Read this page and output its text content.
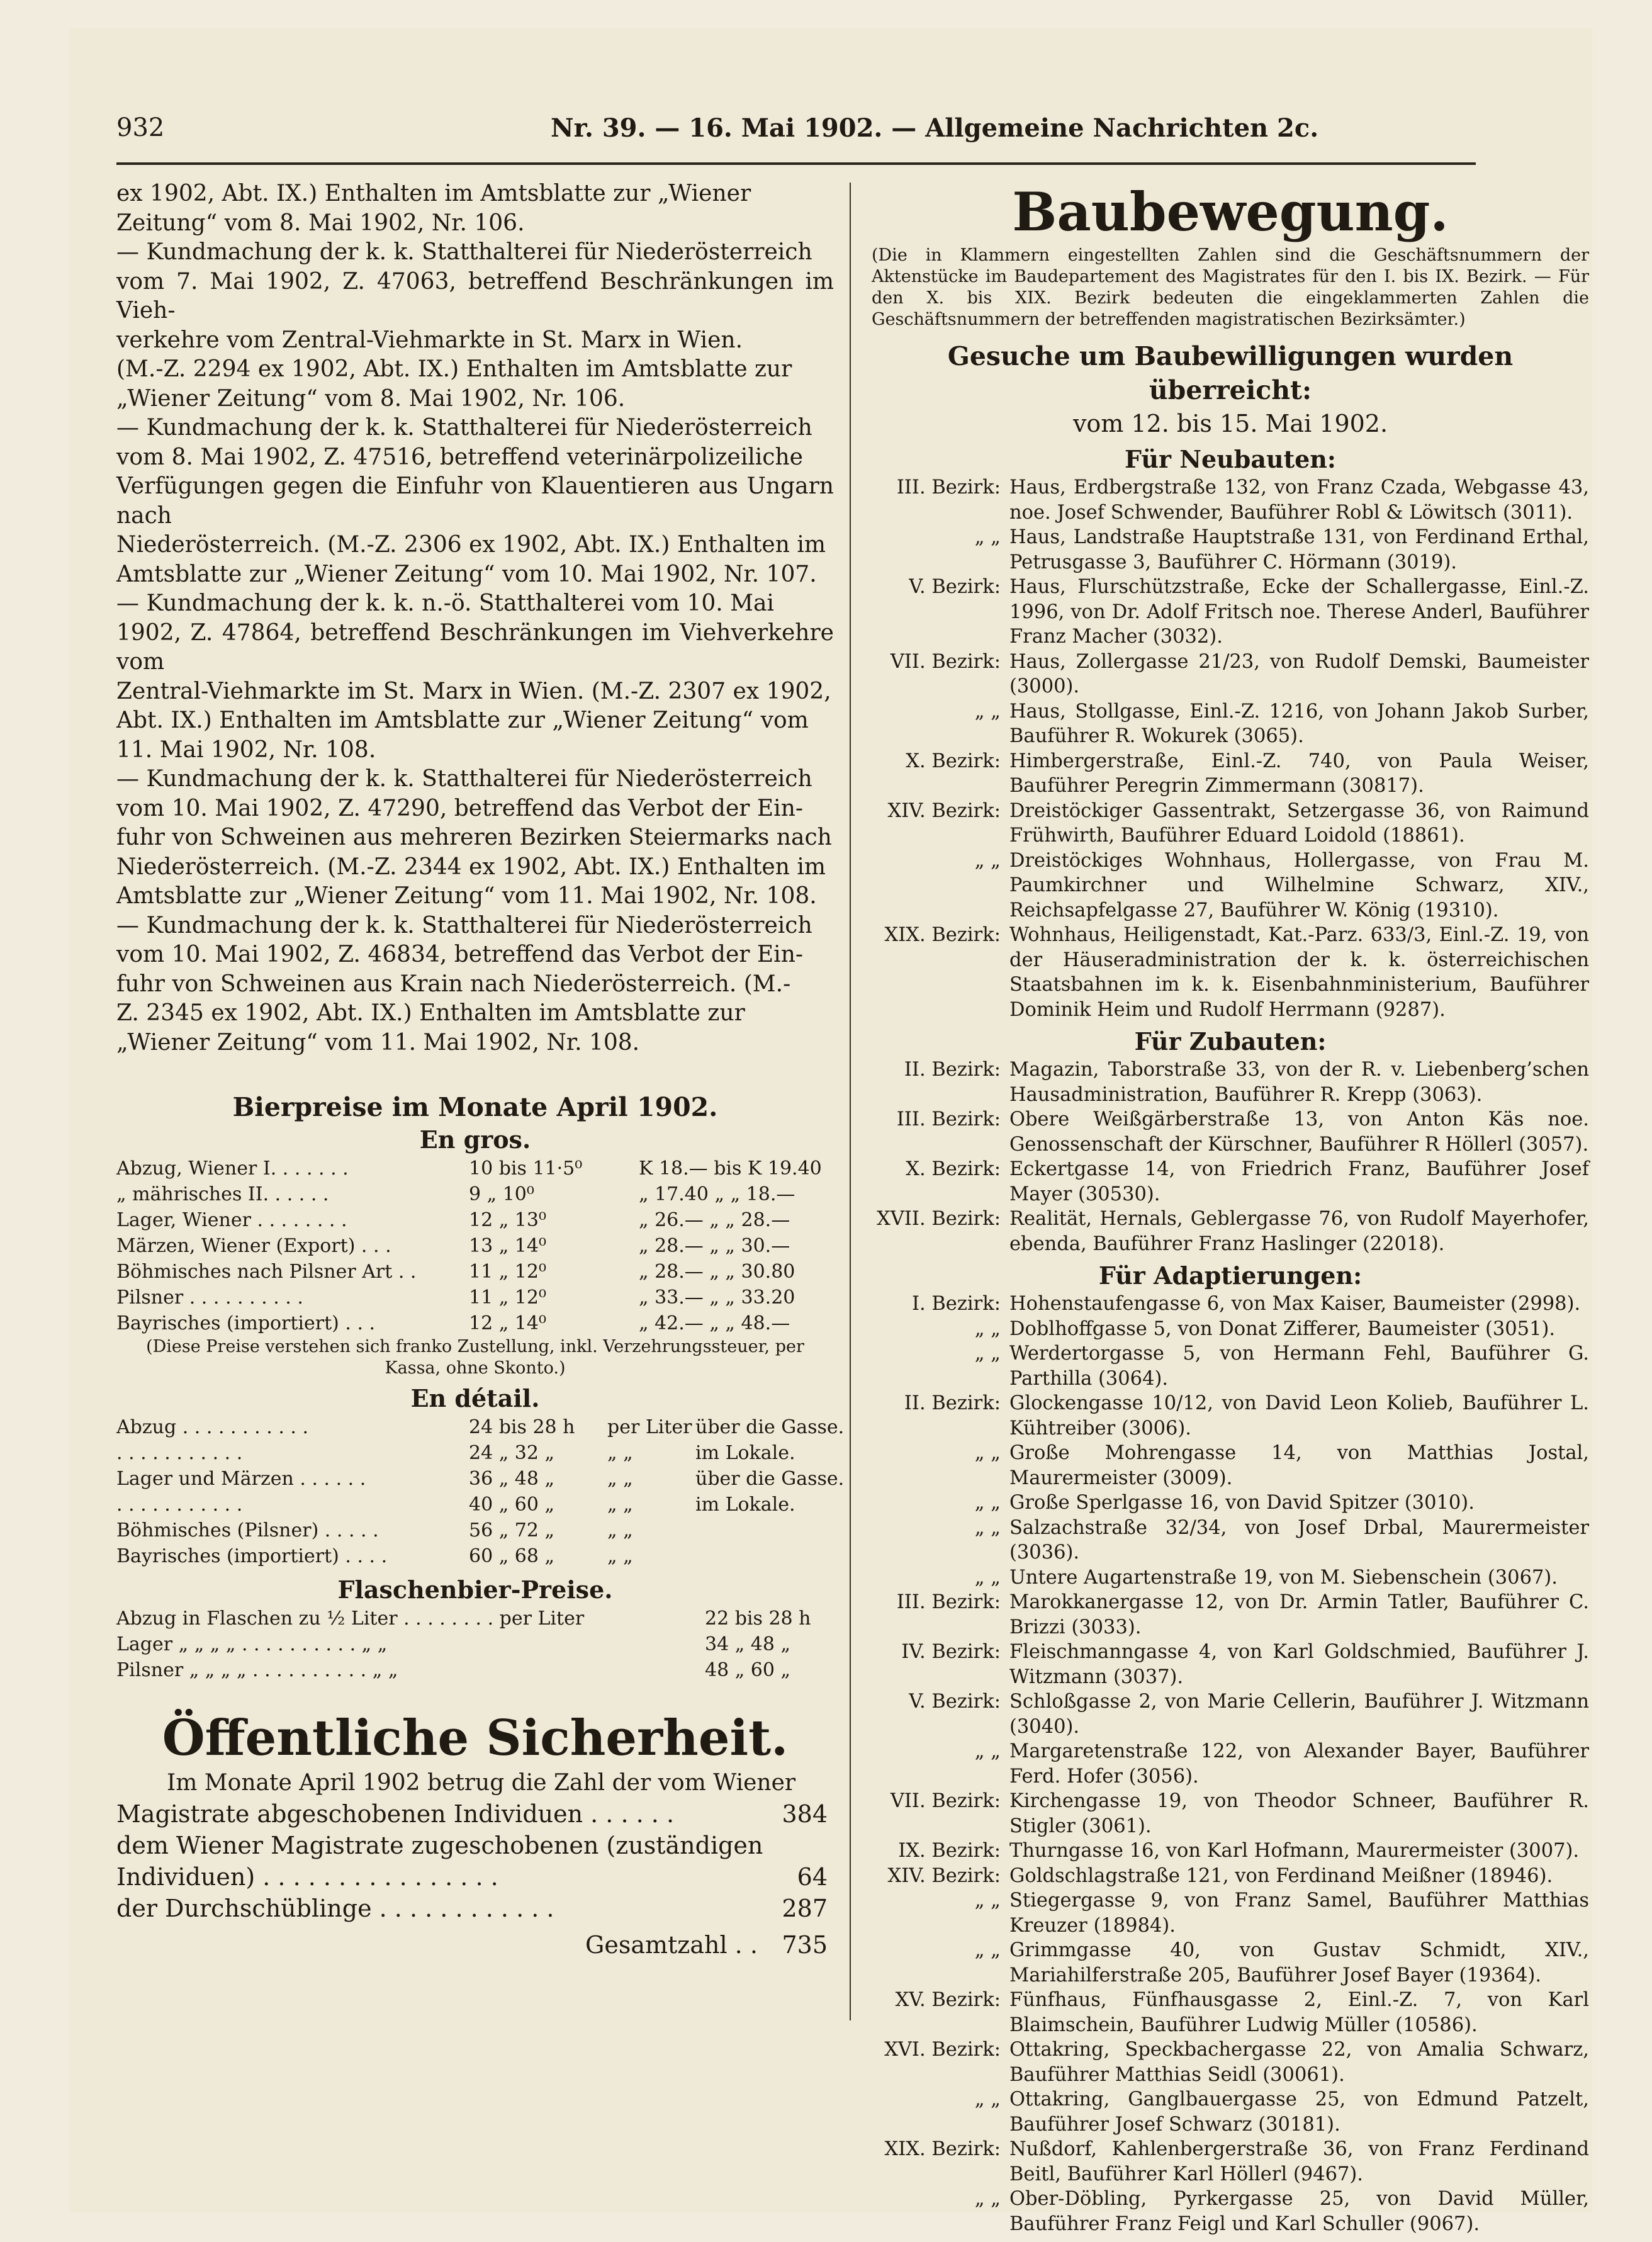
932	Nr. 39. — 16. Mai 1902. — Allgemeine Nachrichten 2c.

ex 1902, Abt. IX.) Enthalten im Amtsblatte zur „Wiener
Zeitung“ vom 8. Mai 1902, Nr. 106.
— Kundmachung der k. k. Statthalterei für Niederösterreich
vom 7. Mai 1902, Z. 47063, betreffend Beschränkungen im Vieh-
verkehre vom Zentral-Viehmarkte in St. Marx in Wien.
(M.-Z. 2294 ex 1902, Abt. IX.) Enthalten im Amtsblatte zur
„Wiener Zeitung“ vom 8. Mai 1902, Nr. 106.
— Kundmachung der k. k. Statthalterei für Niederösterreich
vom 8. Mai 1902, Z. 47516, betreffend veterinärpolizeiliche
Verfügungen gegen die Einfuhr von Klauentieren aus Ungarn nach
Niederösterreich. (M.-Z. 2306 ex 1902, Abt. IX.) Enthalten im
Amtsblatte zur „Wiener Zeitung“ vom 10. Mai 1902, Nr. 107.
— Kundmachung der k. k. n.-ö. Statthalterei vom 10. Mai
1902, Z. 47864, betreffend Beschränkungen im Viehverkehre vom
Zentral-Viehmarkte im St. Marx in Wien. (M.-Z. 2307 ex 1902,
Abt. IX.) Enthalten im Amtsblatte zur „Wiener Zeitung“ vom
11. Mai 1902, Nr. 108.
— Kundmachung der k. k. Statthalterei für Niederösterreich
vom 10. Mai 1902, Z. 47290, betreffend das Verbot der Ein-
fuhr von Schweinen aus mehreren Bezirken Steiermarks nach
Niederösterreich. (M.-Z. 2344 ex 1902, Abt. IX.) Enthalten im
Amtsblatte zur „Wiener Zeitung“ vom 11. Mai 1902, Nr. 108.
— Kundmachung der k. k. Statthalterei für Niederösterreich
vom 10. Mai 1902, Z. 46834, betreffend das Verbot der Ein-
fuhr von Schweinen aus Krain nach Niederösterreich. (M.-
Z. 2345 ex 1902, Abt. IX.) Enthalten im Amtsblatte zur
„Wiener Zeitung“ vom 11. Mai 1902, Nr. 108.

Bierpreise im Monate April 1902.

En gros.

Abzug, Wiener I. . . . . . .	10 bis 11·5⁰	K 18.— bis K 19.40
„ mährisches II. . . . . .	9 „ 10⁰	„ 17.40 „ „ 18.—
Lager, Wiener . . . . . . . .	12 „ 13⁰	„ 26.— „ „ 28.—
Märzen, Wiener (Export) . . .	13 „ 14⁰	„ 28.— „ „ 30.—
Böhmisches nach Pilsner Art . .	11 „ 12⁰	„ 28.— „ „ 30.80
Pilsner . . . . . . . . . .	11 „ 12⁰	„ 33.— „ „ 33.20
Bayrisches (importiert) . . .	12 „ 14⁰	„ 42.— „ „ 48.—

(Diese Preise verstehen sich franko Zustellung, inkl. Verzehrungssteuer, per Kassa, ohne Skonto.)

En détail.

Abzug . . . . . . . . . . .	24 bis 28 h per Liter über die Gasse.
. . . . . . . . . . .	24 „ 32 „	„ „	im Lokale.
Lager und Märzen . . . . . .	36 „ 48 „	„ „	über die Gasse.
. . . . . . . . . . .	40 „ 60 „	„ „	im Lokale.
Böhmisches (Pilsner) . . . . .	56 „ 72 „	„ „
Bayrisches (importiert) . . . .	60 „ 68 „	„ „

Flaschenbier-Preise.

Abzug in Flaschen zu ½ Liter . . . . . . . . per Liter	22 bis 28 h
Lager „ „ „ „ . . . . . . . . . . „ „	34 „ 48 „
Pilsner „ „ „ „ . . . . . . . . . . „ „	48 „ 60 „

Öffentliche Sicherheit.

Im Monate April 1902 betrug die Zahl der vom Wiener

Magistrate abgeschobenen Individuen . . . . . .	384
dem Wiener Magistrate zugeschobenen (zuständigen
Individuen) . . . . . . . . . . . . . . . .	64
der Durchschüblinge . . . . . . . . . . . .	287
Gesamtzahl . . 735

Baubewegung.

(Die in Klammern eingestellten Zahlen sind die Geschäftsnummern der Aktenstücke im Baudepartement des Magistrates für den I. bis IX. Bezirk. — Für den X. bis XIX. Bezirk bedeuten die eingeklammerten Zahlen die Geschäftsnummern der betreffenden magistratischen Bezirksämter.)

Gesuche um Baubewilligungen wurden überreicht:

vom 12. bis 15. Mai 1902.

Für Neubauten:

III. Bezirk: Haus, Erdbergstraße 132, von Franz Czada, Webgasse 43, noe. Josef Schwender, Bauführer Robl & Löwitsch (3011).
„ „ Haus, Landstraße Hauptstraße 131, von Ferdinand Erthal, Petrusgasse 3, Bauführer C. Hörmann (3019).
V. Bezirk: Haus, Flurschützstraße, Ecke der Schallergasse, Einl.-Z. 1996, von Dr. Adolf Fritsch noe. Therese Anderl, Bauführer Franz Macher (3032).
VII. Bezirk: Haus, Zollergasse 21/23, von Rudolf Demski, Baumeister (3000).
„ „ Haus, Stollgasse, Einl.-Z. 1216, von Johann Jakob Surber, Bauführer R. Wokurek (3065).
X. Bezirk: Himbergerstraße, Einl.-Z. 740, von Paula Weiser, Bauführer Peregrin Zimmermann (30817).
XIV. Bezirk: Dreistöckiger Gassentrakt, Setzergasse 36, von Raimund Frühwirth, Bauführer Eduard Loidold (18861).
„ „ Dreistöckiges Wohnhaus, Hollergasse, von Frau M. Paumkirchner und Wilhelmine Schwarz, XIV., Reichsapfelgasse 27, Bauführer W. König (19310).
XIX. Bezirk: Wohnhaus, Heiligenstadt, Kat.-Parz. 633/3, Einl.-Z. 19, von der Häuseradministration der k. k. österreichischen Staatsbahnen im k. k. Eisenbahnministerium, Bauführer Dominik Heim und Rudolf Herrmann (9287).

Für Zubauten:

II. Bezirk: Magazin, Taborstraße 33, von der R. v. Liebenberg’schen Hausadministration, Bauführer R. Krepp (3063).
III. Bezirk: Obere Weißgärberstraße 13, von Anton Käs noe. Genossenschaft der Kürschner, Bauführer R Höllerl (3057).
X. Bezirk: Eckertgasse 14, von Friedrich Franz, Bauführer Josef Mayer (30530).
XVII. Bezirk: Realität, Hernals, Geblergasse 76, von Rudolf Mayerhofer, ebenda, Bauführer Franz Haslinger (22018).

Für Adaptierungen:

I. Bezirk: Hohenstaufengasse 6, von Max Kaiser, Baumeister (2998).
„ „ Doblhoffgasse 5, von Donat Zifferer, Baumeister (3051).
„ „ Werdertorgasse 5, von Hermann Fehl, Bauführer G. Parthilla (3064).
II. Bezirk: Glockengasse 10/12, von David Leon Kolieb, Bauführer L. Kühtreiber (3006).
„ „ Große Mohrengasse 14, von Matthias Jostal, Maurermeister (3009).
„ „ Große Sperlgasse 16, von David Spitzer (3010).
„ „ Salzachstraße 32/34, von Josef Drbal, Maurermeister (3036).
„ „ Untere Augartenstraße 19, von M. Siebenschein (3067).
III. Bezirk: Marokkanergasse 12, von Dr. Armin Tatler, Bauführer C. Brizzi (3033).
IV. Bezirk: Fleischmanngasse 4, von Karl Goldschmied, Bauführer J. Witzmann (3037).
V. Bezirk: Schloßgasse 2, von Marie Cellerin, Bauführer J. Witzmann (3040).
„ „ Margaretenstraße 122, von Alexander Bayer, Bauführer Ferd. Hofer (3056).
VII. Bezirk: Kirchengasse 19, von Theodor Schneer, Bauführer R. Stigler (3061).
IX. Bezirk: Thurngasse 16, von Karl Hofmann, Maurermeister (3007).
XIV. Bezirk: Goldschlagstraße 121, von Ferdinand Meißner (18946).
„ „ Stiegergasse 9, von Franz Samel, Bauführer Matthias Kreuzer (18984).
„ „ Grimmgasse 40, von Gustav Schmidt, XIV., Mariahilferstraße 205, Bauführer Josef Bayer (19364).
XV. Bezirk: Fünfhaus, Fünfhausgasse 2, Einl.-Z. 7, von Karl Blaimschein, Bauführer Ludwig Müller (10586).
XVI. Bezirk: Ottakring, Speckbachergasse 22, von Amalia Schwarz, Bauführer Matthias Seidl (30061).
„ „ Ottakring, Ganglbauergasse 25, von Edmund Patzelt, Bauführer Josef Schwarz (30181).
XIX. Bezirk: Nußdorf, Kahlenbergerstraße 36, von Franz Ferdinand Beitl, Bauführer Karl Höllerl (9467).
„ „ Ober-Döbling, Pyrkergasse 25, von David Müller, Bauführer Franz Feigl und Karl Schuller (9067).
